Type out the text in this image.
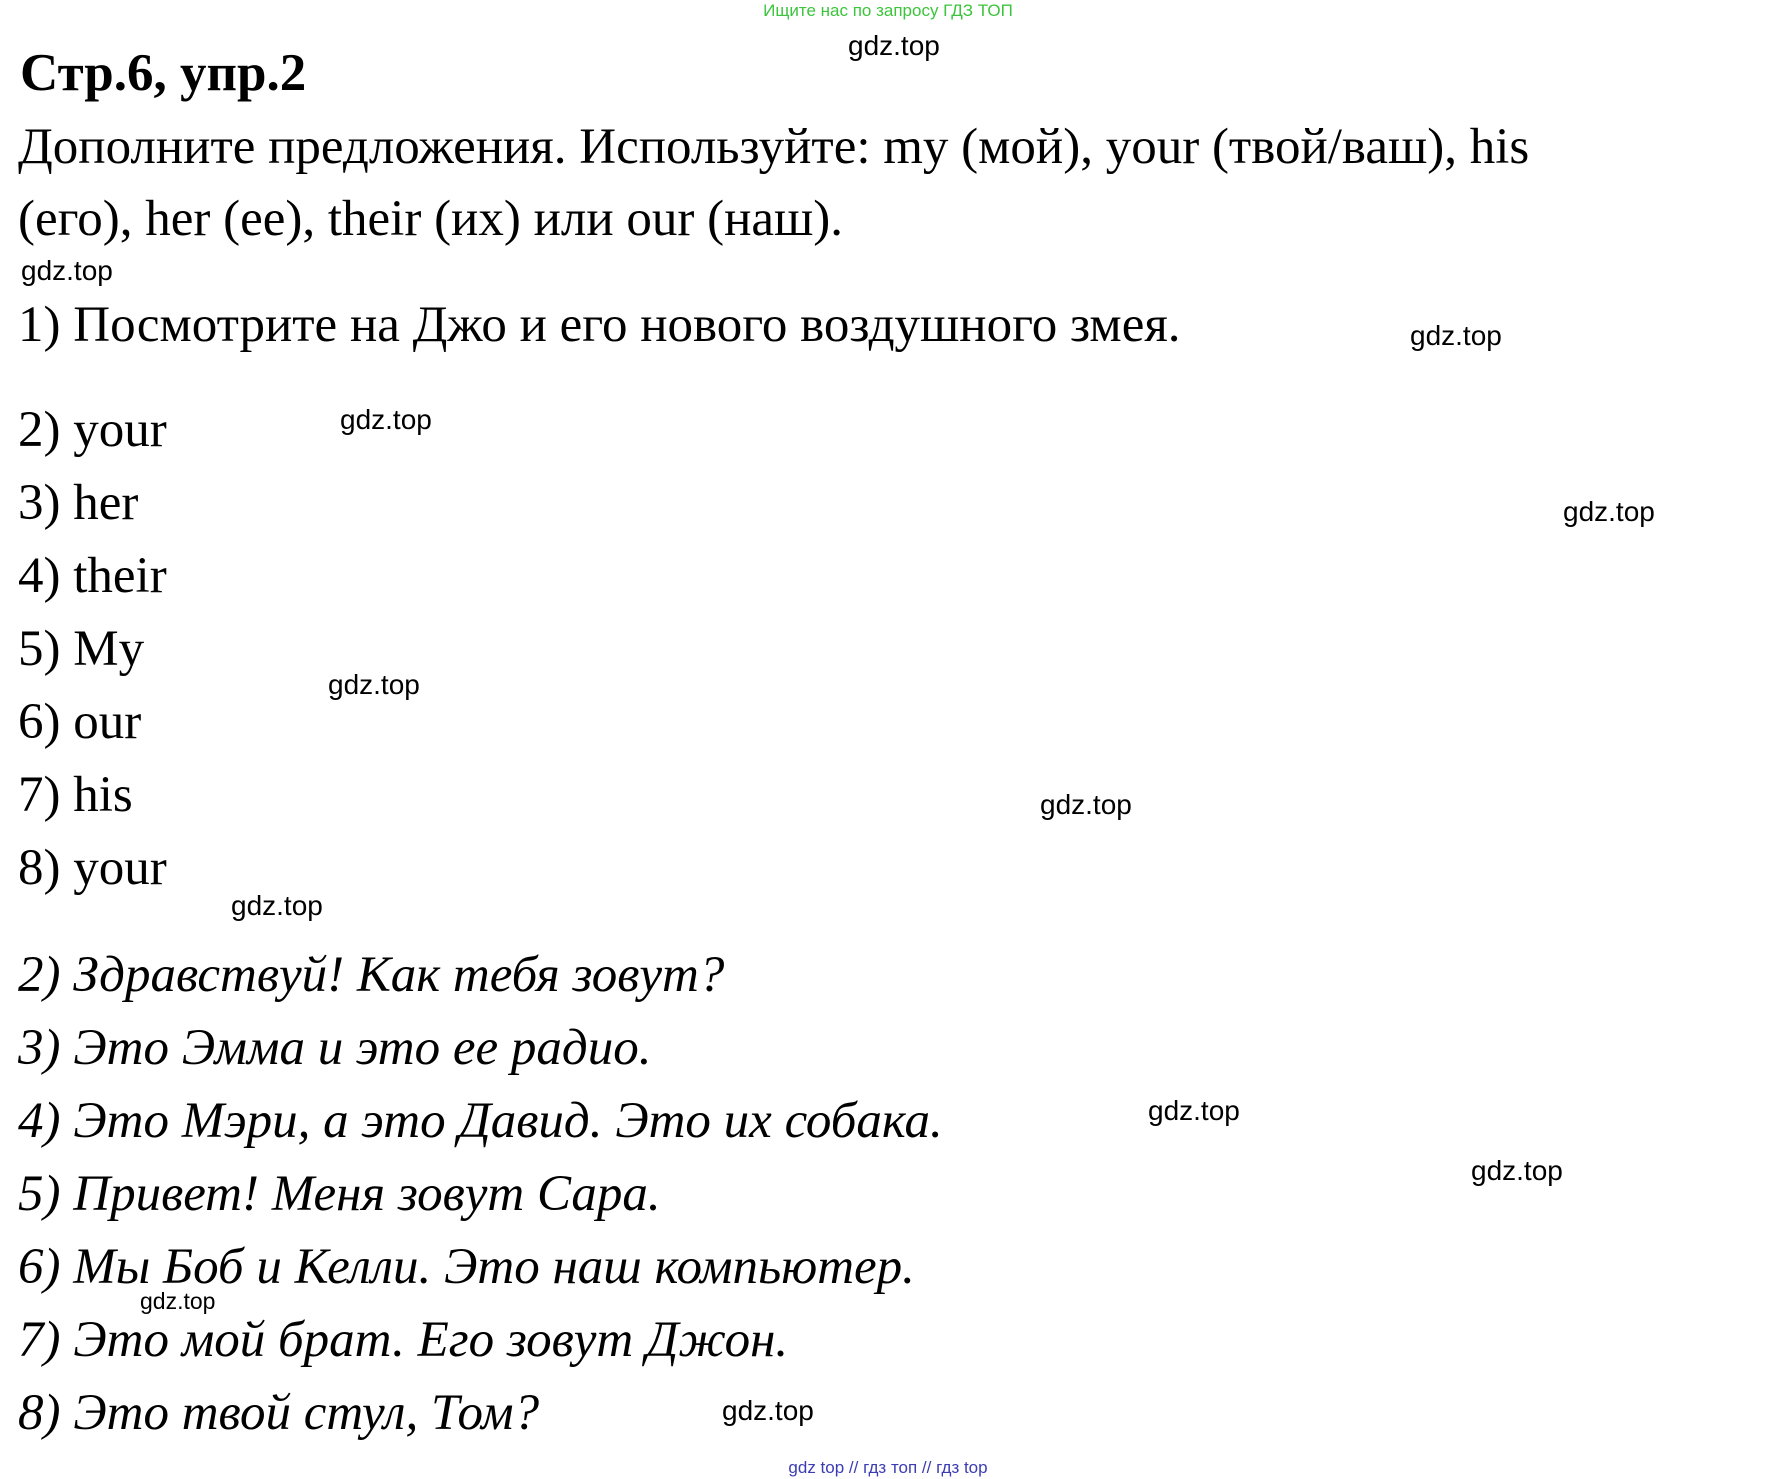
Ищите нас по запросу ГДЗ ТОП
Стр.6, упр.2
Дополните предложения. Используйте: my (мой), your (твой/ваш), his
(его), her (ее), their (их) или our (наш).
1) Посмотрите на Джо и его нового воздушного змея.
2) your
3) her
4) their
5) My
6) our
7) his
8) your
2) Здравствуй! Как тебя зовут?
3) Это Эмма и это ее радио.
4) Это Мэри, а это Давид. Это их собака.
5) Привет! Меня зовут Сара.
6) Мы Боб и Келли. Это наш компьютер.
7) Это мой брат. Его зовут Джон.
8) Это твой стул, Том?
gdz.top
gdz.top
gdz.top
gdz.top
gdz.top
gdz.top
gdz.top
gdz.top
gdz.top
gdz.top
gdz.top
gdz.top
gdz top // гдз топ // гдз top
